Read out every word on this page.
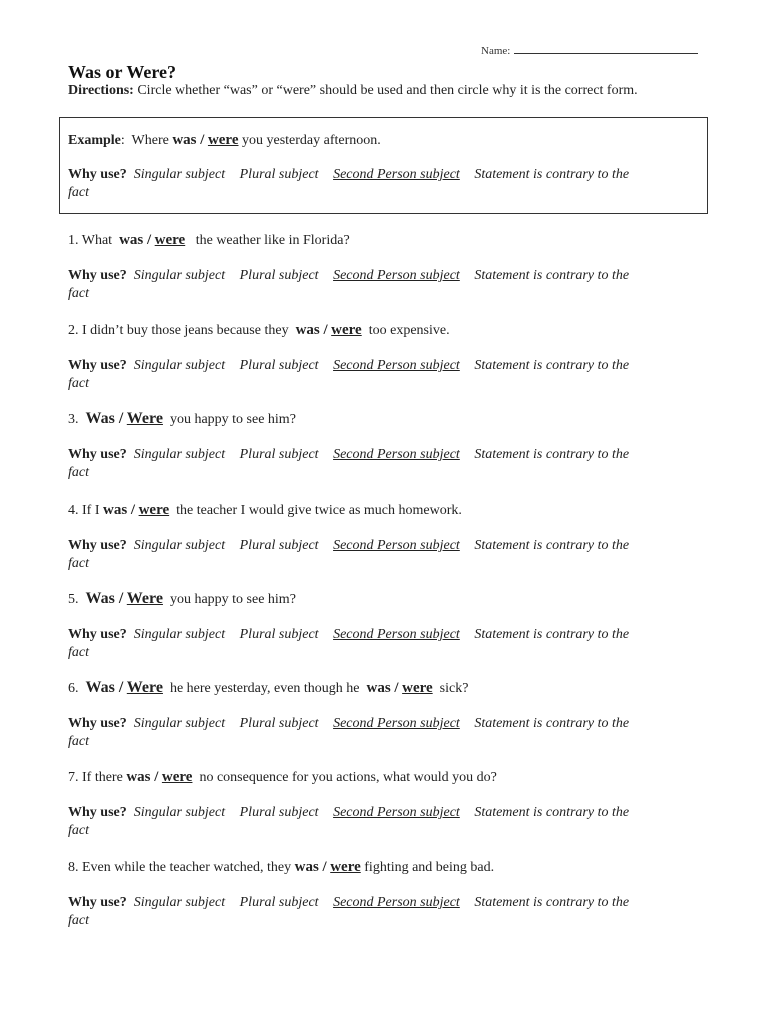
Name:
Was or Were?
Directions: Circle whether “was” or “were” should be used and then circle why it is the correct form.
Example:  Where was / were you yesterday afternoon.
Why use? Singular subject Plural subject Second Person subject Statement is contrary to the
fact
1. What was / were the weather like in Florida?
Why use? Singular subject Plural subject Second Person subject Statement is contrary to the
fact
2. I didn’t buy those jeans because they was / were too expensive.
Why use? Singular subject Plural subject Second Person subject Statement is contrary to the
fact
3. Was / Were you happy to see him?
Why use? Singular subject Plural subject Second Person subject Statement is contrary to the
fact
4. If I was / were the teacher I would give twice as much homework.
Why use? Singular subject Plural subject Second Person subject Statement is contrary to the
fact
5. Was / Were you happy to see him?
Why use? Singular subject Plural subject Second Person subject Statement is contrary to the
fact
6. Was / Were he here yesterday, even though he was / were sick?
Why use? Singular subject Plural subject Second Person subject Statement is contrary to the
fact
7. If there was / were no consequence for you actions, what would you do?
Why use? Singular subject Plural subject Second Person subject Statement is contrary to the
fact
8. Even while the teacher watched, they was / were fighting and being bad.
Why use? Singular subject Plural subject Second Person subject Statement is contrary to the
fact
